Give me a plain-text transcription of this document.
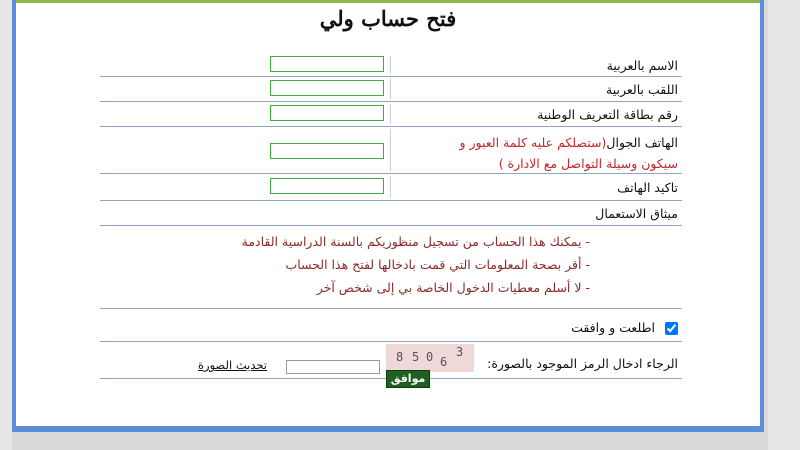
فتح حساب ولي
الاسم بالعربية
اللقب بالعربية
رقم بطاقة التعريف الوطنية
الهاتف الجوال(ستصلكم عليه كلمة العبور و
سيكون وسيلة التواصل مع الادارة )
تاكيد الهاتف
ميثاق الاستعمال
- يمكنك هذا الحساب من تسجيل منظوريكم بالسنة الدراسية القادمة
- أقر بصحة المعلومات التي قمت بادخالها لفتح هذا الحساب
- لا أسلم معطيات الدخول الخاصة بي إلى شخص آخر
اطلعت و وافقت
الرجاء ادخال الرمز الموجود بالصورة:
8 5 0 6
3
تحديث الصورة
موافق
